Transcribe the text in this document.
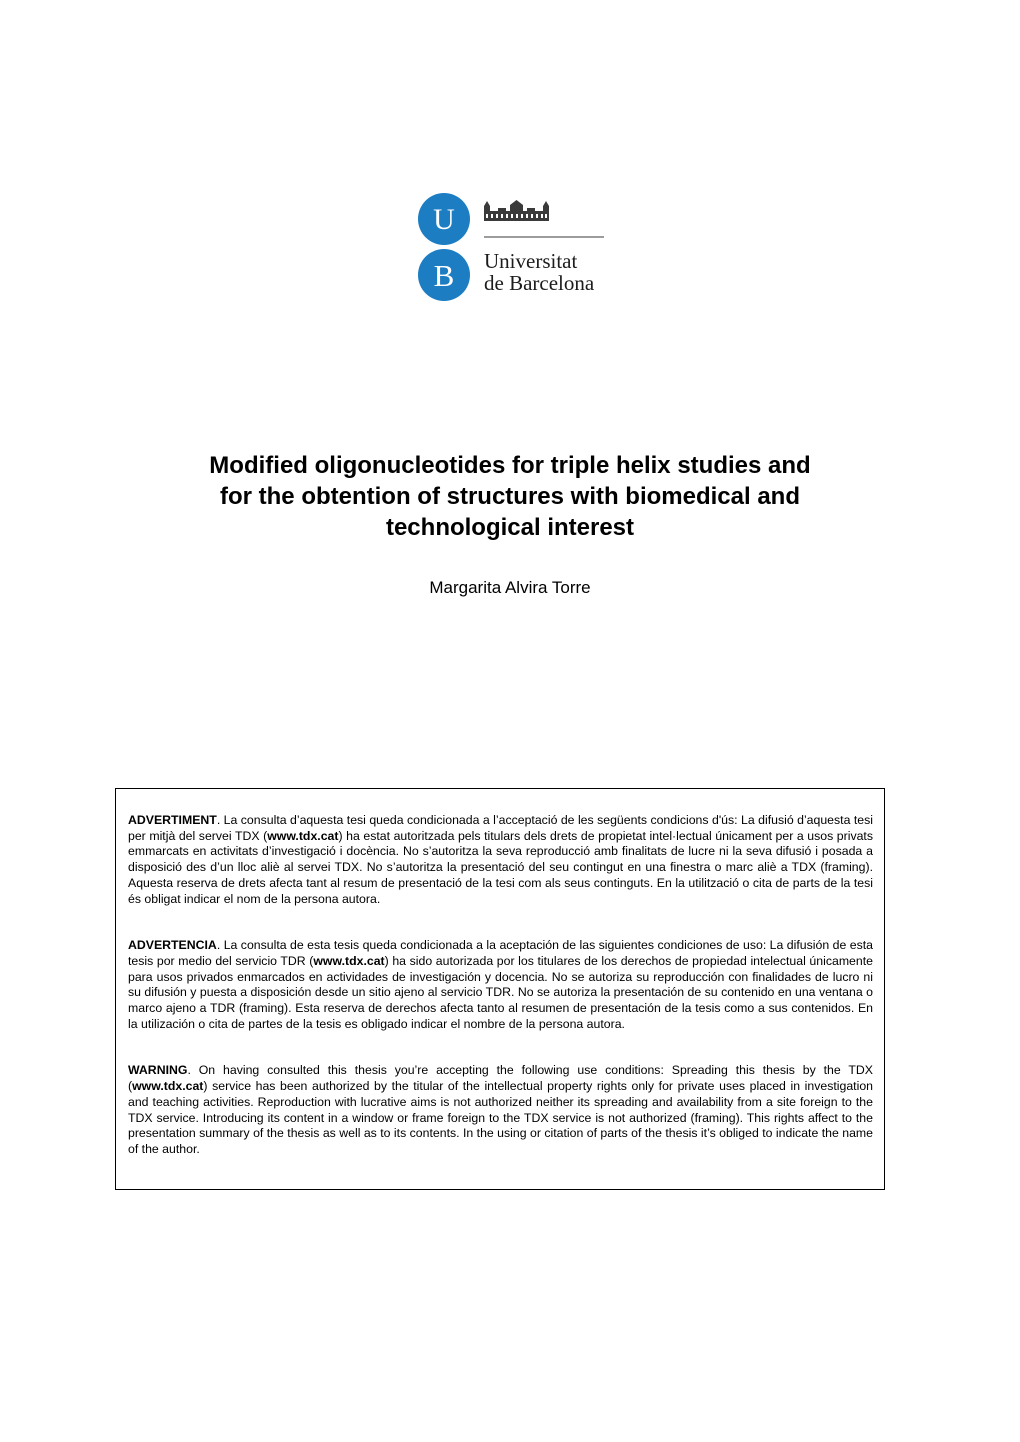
U
B Universitat
de Barcelona
Modified oligonucleotides for triple helix studies and
for the obtention of structures with biomedical and
technological interest
Margarita Alvira Torre

ADVERTIMENT. La consulta d’aquesta tesi queda condicionada a l’acceptació de les següents condicions d'ús: La difusió d’aquesta tesi per mitjà del servei TDX (www.tdx.cat) ha estat autoritzada pels titulars dels drets de propietat intel·lectual únicament per a usos privats emmarcats en activitats d’investigació i docència. No s’autoritza la seva reproducció amb finalitats de lucre ni la seva difusió i posada a disposició des d’un lloc aliè al servei TDX. No s’autoritza la presentació del seu contingut en una finestra o marc aliè a TDX (framing). Aquesta reserva de drets afecta tant al resum de presentació de la tesi com als seus continguts. En la utilització o cita de parts de la tesi és obligat indicar el nom de la persona autora.

ADVERTENCIA. La consulta de esta tesis queda condicionada a la aceptación de las siguientes condiciones de uso: La difusión de esta tesis por medio del servicio TDR (www.tdx.cat) ha sido autorizada por los titulares de los derechos de propiedad intelectual únicamente para usos privados enmarcados en actividades de investigación y docencia. No se autoriza su reproducción con finalidades de lucro ni su difusión y puesta a disposición desde un sitio ajeno al servicio TDR. No se autoriza la presentación de su contenido en una ventana o marco ajeno a TDR (framing). Esta reserva de derechos afecta tanto al resumen de presentación de la tesis como a sus contenidos. En la utilización o cita de partes de la tesis es obligado indicar el nombre de la persona autora.

WARNING. On having consulted this thesis you’re accepting the following use conditions: Spreading this thesis by the TDX (www.tdx.cat) service has been authorized by the titular of the intellectual property rights only for private uses placed in investigation and teaching activities. Reproduction with lucrative aims is not authorized neither its spreading and availability from a site foreign to the TDX service. Introducing its content in a window or frame foreign to the TDX service is not authorized (framing). This rights affect to the presentation summary of the thesis as well as to its contents. In the using or citation of parts of the thesis it’s obliged to indicate the name of the author.
